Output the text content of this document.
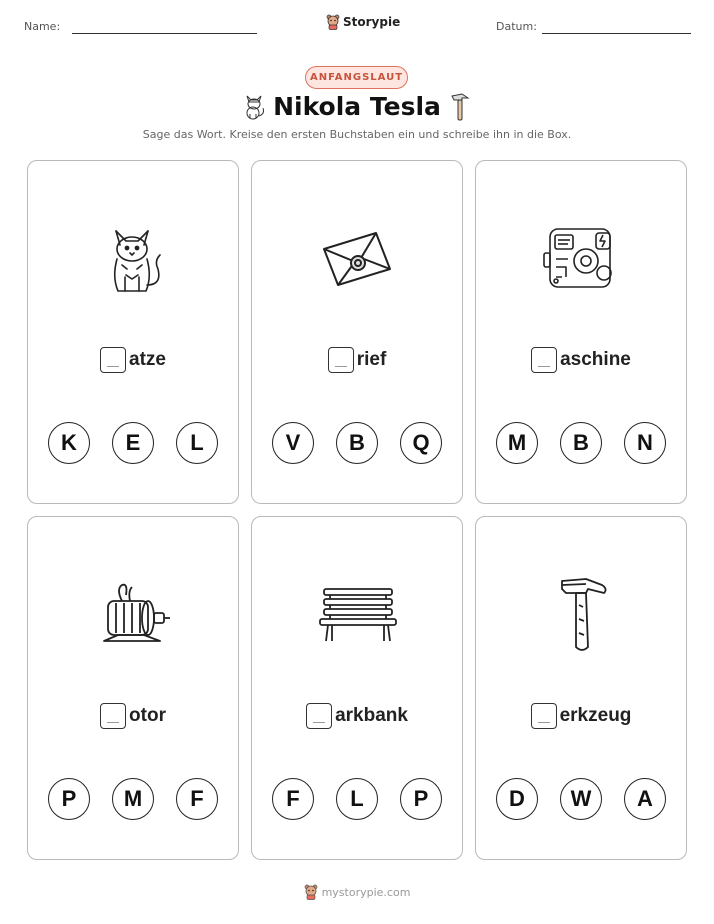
Name:	Storypie	Datum:
ANFANGSLAUT
Nikola Tesla
Sage das Wort. Kreise den ersten Buchstaben ein und schreibe ihn in die Box.
atze
K	E	L
rief
V	B	Q
aschine
M	B	N
otor
P	M	F
arkbank
F	L	P
erkzeug
D	W	A
mystorypie.com
